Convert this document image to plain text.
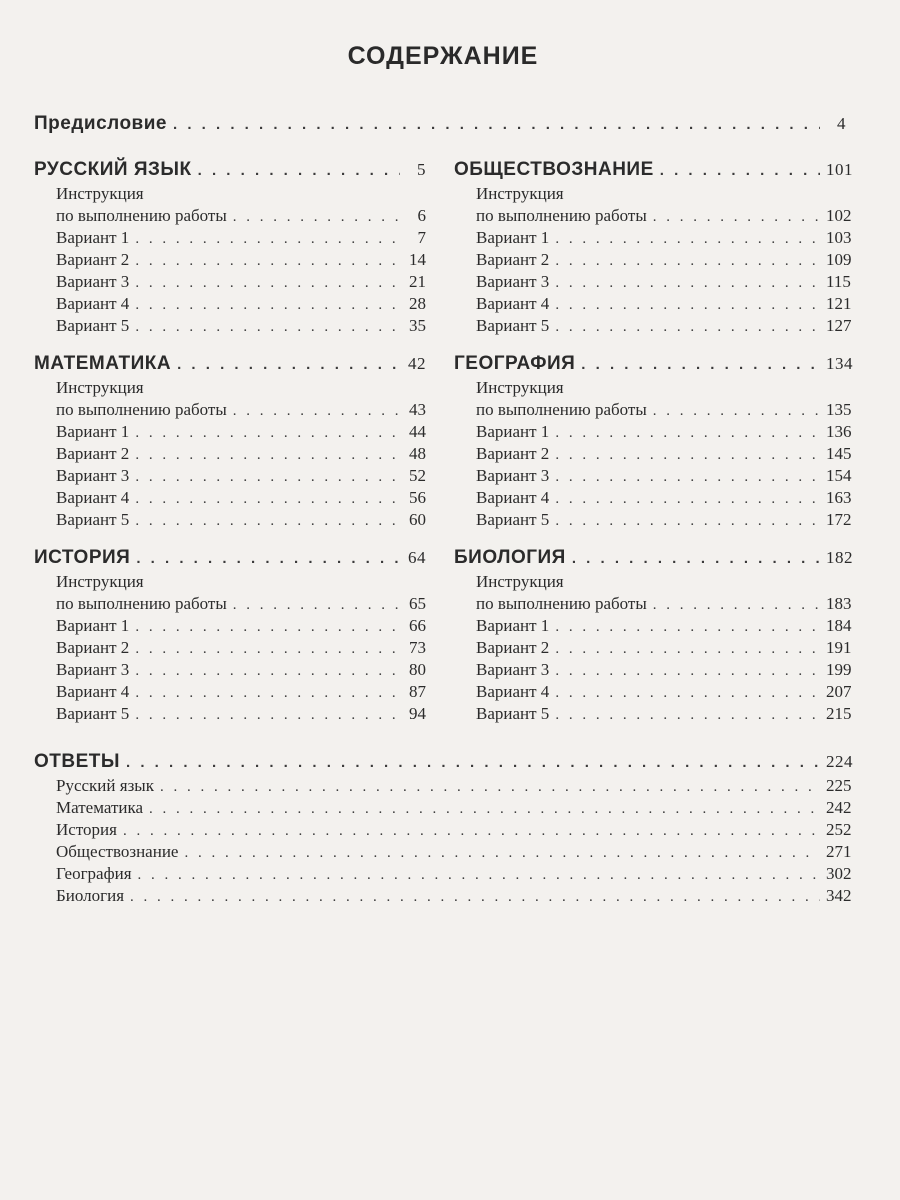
СОДЕРЖАНИЕ
Предисловие . . .	4
РУССКИЙ ЯЗЫК . . .	5
Инструкция
по выполнению работы . . .	6
Вариант 1 . . .	7
Вариант 2 . . .	14
Вариант 3 . . .	21
Вариант 4 . . .	28
Вариант 5 . . .	35
МАТЕМАТИКА . . .	42
Инструкция
по выполнению работы . . .	43
Вариант 1 . . .	44
Вариант 2 . . .	48
Вариант 3 . . .	52
Вариант 4 . . .	56
Вариант 5 . . .	60
ИСТОРИЯ . . .	64
Инструкция
по выполнению работы . . .	65
Вариант 1 . . .	66
Вариант 2 . . .	73
Вариант 3 . . .	80
Вариант 4 . . .	87
Вариант 5 . . .	94
ОБЩЕСТВОЗНАНИЕ . . .	101
Инструкция
по выполнению работы . . .	102
Вариант 1 . . .	103
Вариант 2 . . .	109
Вариант 3 . . .	115
Вариант 4 . . .	121
Вариант 5 . . .	127
ГЕОГРАФИЯ . . .	134
Инструкция
по выполнению работы . . .	135
Вариант 1 . . .	136
Вариант 2 . . .	145
Вариант 3 . . .	154
Вариант 4 . . .	163
Вариант 5 . . .	172
БИОЛОГИЯ . . .	182
Инструкция
по выполнению работы . . .	183
Вариант 1 . . .	184
Вариант 2 . . .	191
Вариант 3 . . .	199
Вариант 4 . . .	207
Вариант 5 . . .	215
ОТВЕТЫ . . .	224
Русский язык . . .	225
Математика . . .	242
История . . .	252
Обществознание . . .	271
География . . .	302
Биология . . .	342
